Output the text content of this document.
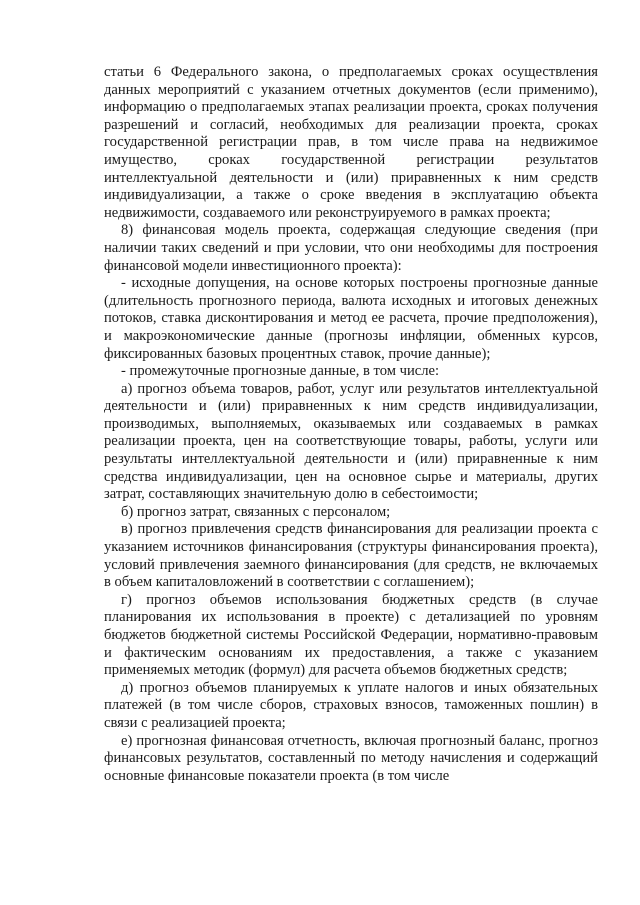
статьи 6 Федерального закона, о предполагаемых сроках осуществления данных мероприятий с указанием отчетных документов (если применимо), информацию о предполагаемых этапах реализации проекта, сроках получения разрешений и согласий, необходимых для реализации проекта, сроках государственной регистрации прав, в том числе права на недвижимое имущество, сроках государственной регистрации результатов интеллектуальной деятельности и (или) приравненных к ним средств индивидуализации, а также о сроке введения в эксплуатацию объекта недвижимости, создаваемого или реконструируемого в рамках проекта;

8) финансовая модель проекта, содержащая следующие сведения (при наличии таких сведений и при условии, что они необходимы для построения финансовой модели инвестиционного проекта):

- исходные допущения, на основе которых построены прогнозные данные (длительность прогнозного периода, валюта исходных и итоговых денежных потоков, ставка дисконтирования и метод ее расчета, прочие предположения), и макроэкономические данные (прогнозы инфляции, обменных курсов, фиксированных базовых процентных ставок, прочие данные);

- промежуточные прогнозные данные, в том числе:

а) прогноз объема товаров, работ, услуг или результатов интеллектуальной деятельности и (или) приравненных к ним средств индивидуализации, производимых, выполняемых, оказываемых или создаваемых в рамках реализации проекта, цен на соответствующие товары, работы, услуги или результаты интеллектуальной деятельности и (или) приравненные к ним средства индивидуализации, цен на основное сырье и материалы, других затрат, составляющих значительную долю в себестоимости;

б) прогноз затрат, связанных с персоналом;

в) прогноз привлечения средств финансирования для реализации проекта с указанием источников финансирования (структуры финансирования проекта), условий привлечения заемного финансирования (для средств, не включаемых в объем капиталовложений в соответствии с соглашением);

г) прогноз объемов использования бюджетных средств (в случае планирования их использования в проекте) с детализацией по уровням бюджетов бюджетной системы Российской Федерации, нормативно-правовым и фактическим основаниям их предоставления, а также с указанием применяемых методик (формул) для расчета объемов бюджетных средств;

д) прогноз объемов планируемых к уплате налогов и иных обязательных платежей (в том числе сборов, страховых взносов, таможенных пошлин) в связи с реализацией проекта;

е) прогнозная финансовая отчетность, включая прогнозный баланс, прогноз финансовых результатов, составленный по методу начисления и содержащий основные финансовые показатели проекта (в том числе
